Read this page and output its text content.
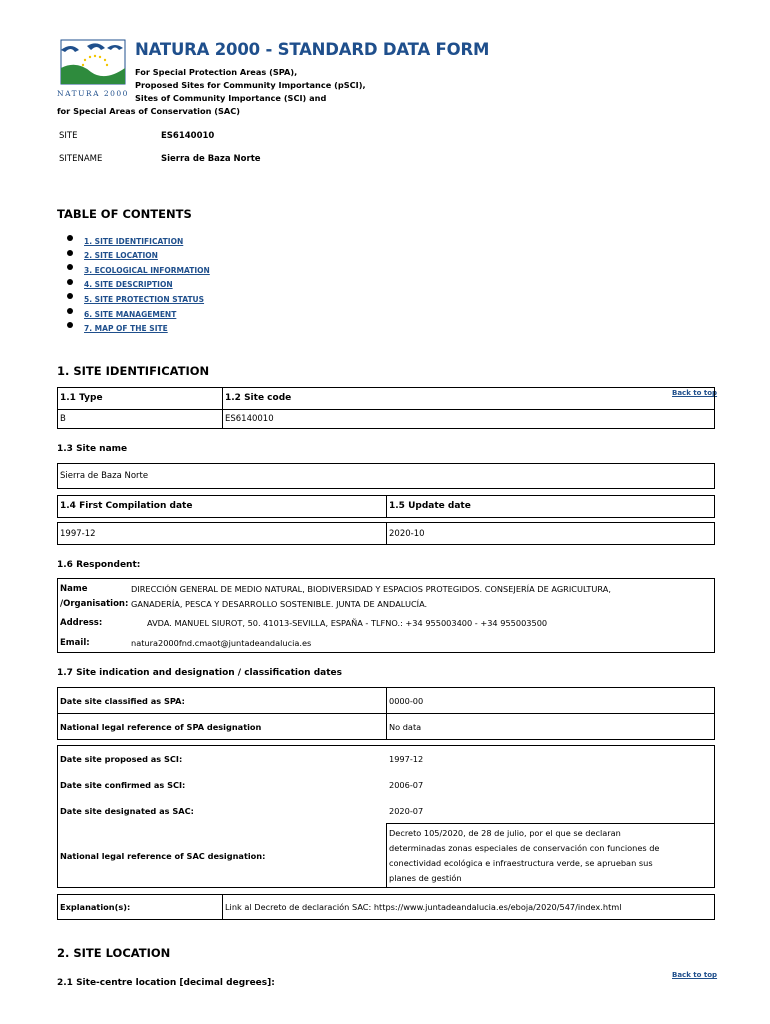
NATURA 2000
NATURA 2000 - STANDARD DATA FORM
For Special Protection Areas (SPA),
Proposed Sites for Community Importance (pSCI),
Sites of Community Importance (SCI) and
for Special Areas of Conservation (SAC)
SITE	ES6140010
SITENAME	Sierra de Baza Norte
TABLE OF CONTENTS
1. SITE IDENTIFICATION
2. SITE LOCATION
3. ECOLOGICAL INFORMATION
4. SITE DESCRIPTION
5. SITE PROTECTION STATUS
6. SITE MANAGEMENT
7. MAP OF THE SITE
1. SITE IDENTIFICATION
Back to top
1.1 Type	1.2 Site code
B	ES6140010
1.3 Site name
Sierra de Baza Norte
1.4 First Compilation date	1.5 Update date
1997-12	2020-10
1.6 Respondent:
Name
/Organisation:
DIRECCIÓN GENERAL DE MEDIO NATURAL, BIODIVERSIDAD Y ESPACIOS PROTEGIDOS. CONSEJERÍA DE AGRICULTURA,
GANADERÍA, PESCA Y DESARROLLO SOSTENIBLE. JUNTA DE ANDALUCÍA.
Address:	AVDA. MANUEL SIUROT, 50. 41013-SEVILLA, ESPAÑA - TLFNO.: +34 955003400 - +34 955003500
Email:	natura2000fnd.cmaot@juntadeandalucia.es
1.7 Site indication and designation / classification dates
Date site classified as SPA:	0000-00
National legal reference of SPA designation	No data
Date site proposed as SCI:	1997-12
Date site confirmed as SCI:	2006-07
Date site designated as SAC:	2020-07
National legal reference of SAC designation:
Decreto 105/2020, de 28 de julio, por el que se declaran
determinadas zonas especiales de conservación con funciones de
conectividad ecológica e infraestructura verde, se aprueban sus
planes de gestión
Explanation(s):	Link al Decreto de declaración SAC: https://www.juntadeandalucia.es/eboja/2020/547/index.html
2. SITE LOCATION
Back to top
2.1 Site-centre location [decimal degrees]:
